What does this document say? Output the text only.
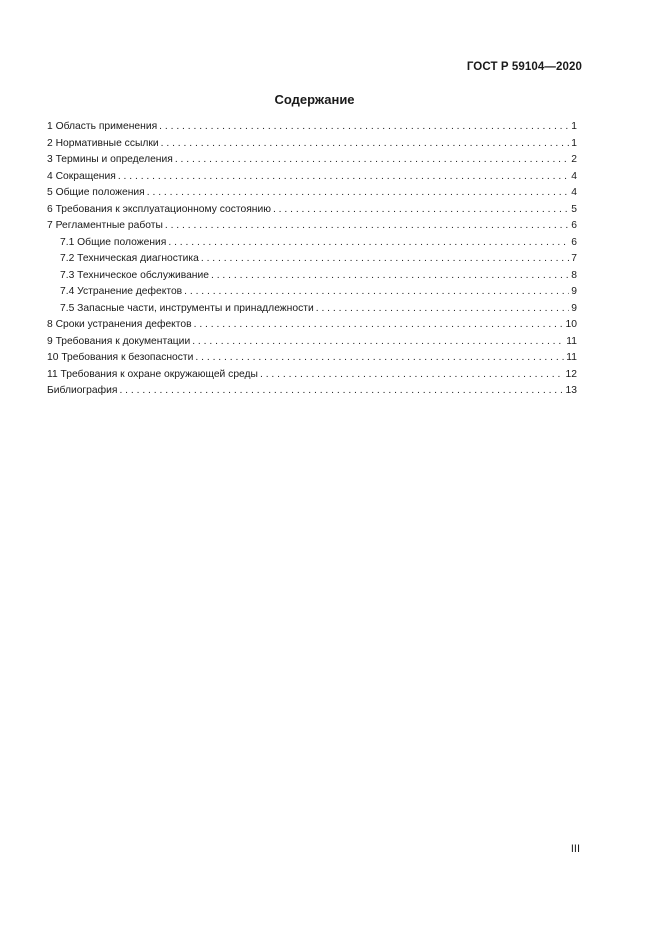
ГОСТ Р 59104—2020
Содержание
1 Область применения . . .	1
2 Нормативные ссылки . . .	1
3 Термины и определения . . .	2
4 Сокращения . . .	4
5 Общие положения . . .	4
6 Требования к эксплуатационному состоянию . . .	5
7 Регламентные работы . . .	6
7.1 Общие положения . . .	6
7.2 Техническая диагностика . . .	7
7.3 Техническое обслуживание . . .	8
7.4 Устранение дефектов . . .	9
7.5 Запасные части, инструменты и принадлежности . . .	9
8 Сроки устранения дефектов . . .	10
9 Требования к документации . . .	11
10 Требования к безопасности . . .	11
11 Требования к охране окружающей среды . . .	12
Библиография . . .	13
III
